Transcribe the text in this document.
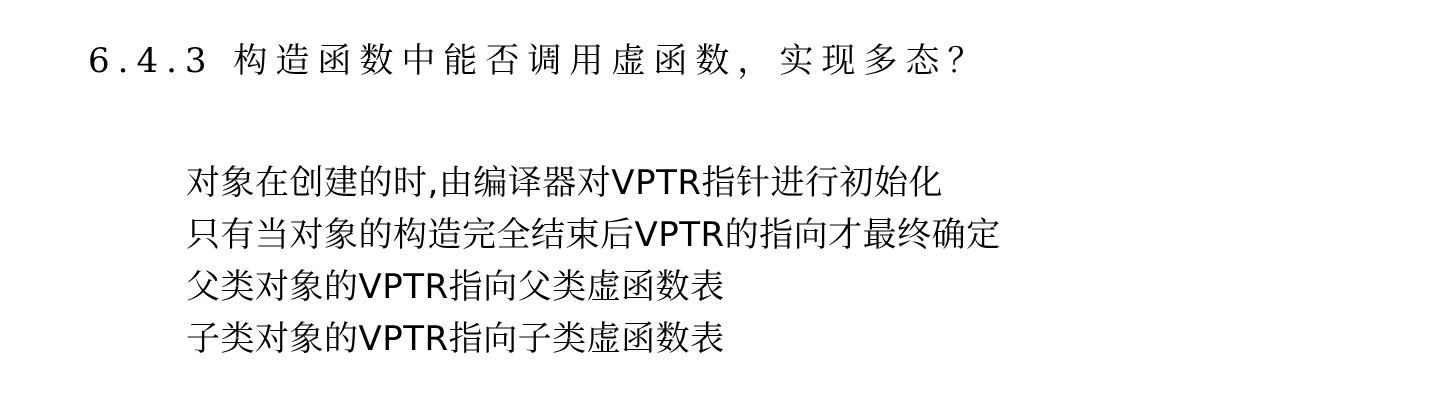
6.4.3 构造函数中能否调用虚函数，实现多态？
对象在创建的时,由编译器对VPTR指针进行初始化
只有当对象的构造完全结束后VPTR的指向才最终确定
父类对象的VPTR指向父类虚函数表
子类对象的VPTR指向子类虚函数表
